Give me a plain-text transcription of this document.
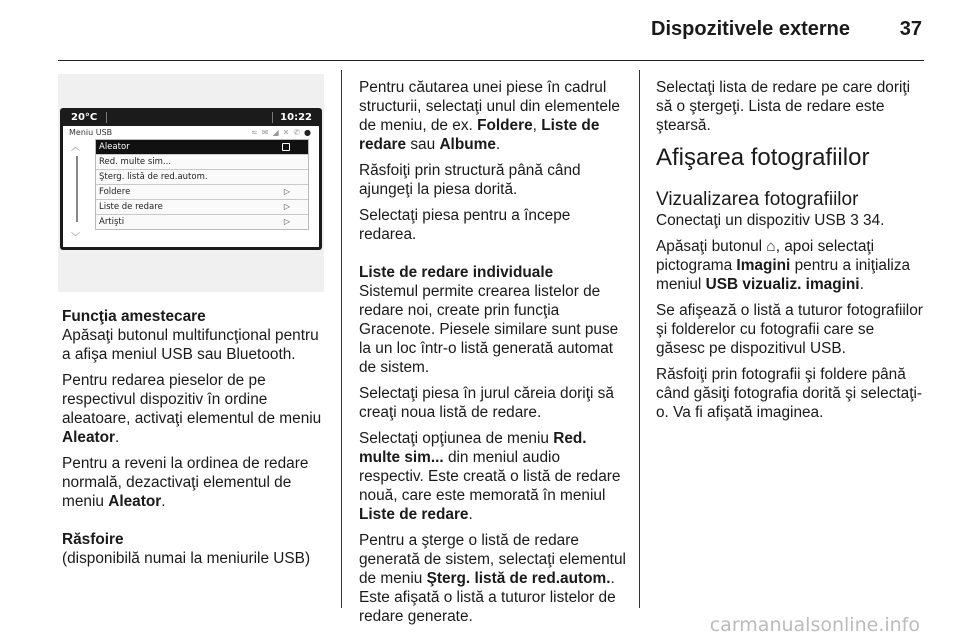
Dispozitivele externe	37
20°C	10:22
Meniu USB	≈✉◢✕✆●
︿
﹀
Aleator
Red. multe sim...
Şterg. listă de red.autom.
Foldere	▷
Liste de redare	▷
Artişti	▷

Funcţia amestecare
Apăsaţi butonul multifuncţional pentru a afişa meniul USB sau Bluetooth.

Pentru redarea pieselor de pe respectivul dispozitiv în ordine aleatoare, activaţi elementul de meniu Aleator.

Pentru a reveni la ordinea de redare normală, dezactivaţi elementul de meniu Aleator.

Răsfoire
(disponibilă numai la meniurile USB)

Pentru căutarea unei piese în cadrul structurii, selectaţi unul din elementele de meniu, de ex. Foldere, Liste de redare sau Albume.

Răsfoiţi prin structură până când ajungeţi la piesa dorită.

Selectaţi piesa pentru a începe redarea.

Liste de redare individuale
Sistemul permite crearea listelor de redare noi, create prin funcţia Gracenote. Piesele similare sunt puse la un loc într-o listă generată automat de sistem.

Selectaţi piesa în jurul căreia doriţi să creaţi noua listă de redare.

Selectaţi opţiunea de meniu Red. multe sim... din meniul audio respectiv. Este creată o listă de redare nouă, care este memorată în meniul Liste de redare.

Pentru a şterge o listă de redare generată de sistem, selectaţi elementul de meniu Şterg. listă de red.autom.. Este afişată o listă a tuturor listelor de redare generate.

Selectaţi lista de redare pe care doriţi să o ştergeţi. Lista de redare este ştearsă.

Afişarea fotografiilor
Vizualizarea fotografiilor

Conectaţi un dispozitiv USB 3 34.

Apăsaţi butonul ⌂, apoi selectaţi pictograma Imagini pentru a iniţializa meniul USB vizualiz. imagini.

Se afişează o listă a tuturor fotografiilor şi folderelor cu fotografii care se găsesc pe dispozitivul USB.

Răsfoiţi prin fotografii şi foldere până când găsiţi fotografia dorită şi selectaţi-o. Va fi afişată imaginea.

carmanualsonline.info
